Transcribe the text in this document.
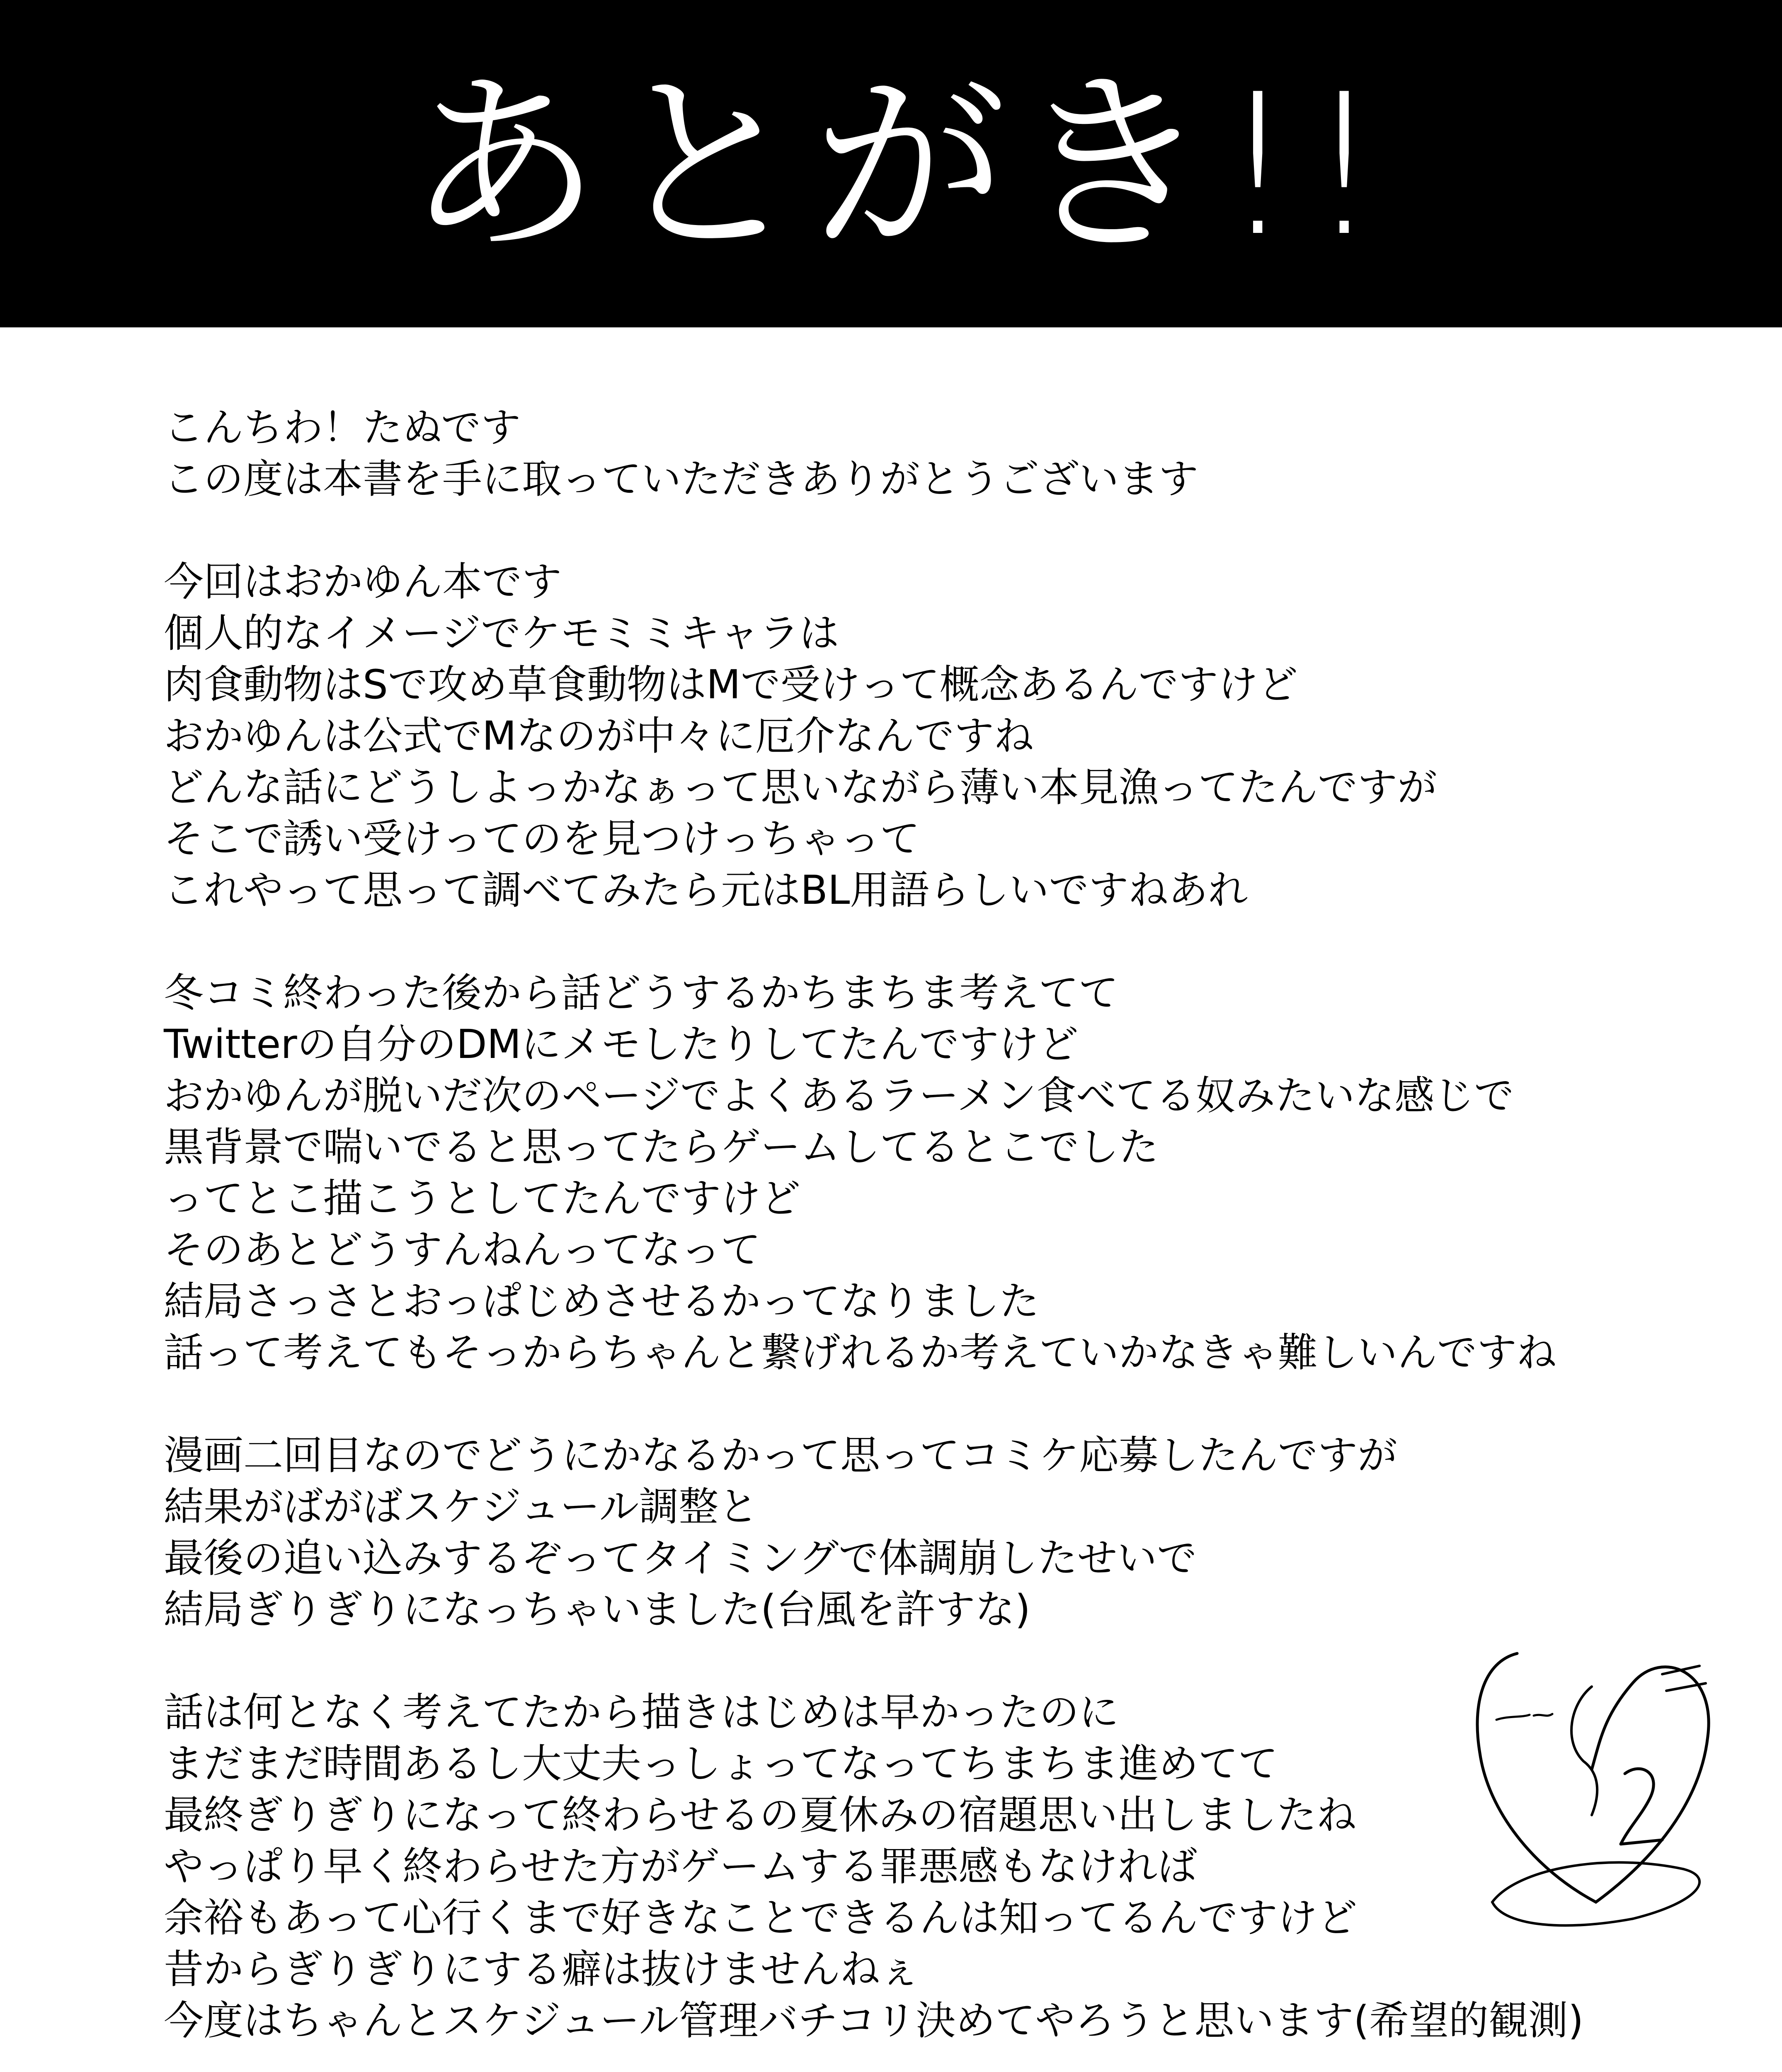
あとがき!!
こんちわ！たぬです
この度は本書を手に取っていただきありがとうございます
今回はおかゆん本です
個人的なイメージでケモミミキャラは
肉食動物はSで攻め草食動物はMで受けって概念あるんですけど
おかゆんは公式でMなのが中々に厄介なんですね
どんな話にどうしよっかなぁって思いながら薄い本見漁ってたんですが
そこで誘い受けってのを見つけっちゃって
これやって思って調べてみたら元はBL用語らしいですねあれ
冬コミ終わった後から話どうするかちまちま考えてて
Twitterの自分のDMにメモしたりしてたんですけど
おかゆんが脱いだ次のページでよくあるラーメン食べてる奴みたいな感じで
黒背景で喘いでると思ってたらゲームしてるとこでした
ってとこ描こうとしてたんですけど
そのあとどうすんねんってなって
結局さっさとおっぱじめさせるかってなりました
話って考えてもそっからちゃんと繋げれるか考えていかなきゃ難しいんですね
漫画二回目なのでどうにかなるかって思ってコミケ応募したんですが
結果がばがばスケジュール調整と
最後の追い込みするぞってタイミングで体調崩したせいで
結局ぎりぎりになっちゃいました(台風を許すな)
話は何となく考えてたから描きはじめは早かったのに
まだまだ時間あるし大丈夫っしょってなってちまちま進めてて
最終ぎりぎりになって終わらせるの夏休みの宿題思い出しましたね
やっぱり早く終わらせた方がゲームする罪悪感もなければ
余裕もあって心行くまで好きなことできるんは知ってるんですけど
昔からぎりぎりにする癖は抜けませんねぇ
今度はちゃんとスケジュール管理バチコリ決めてやろうと思います(希望的観測)
